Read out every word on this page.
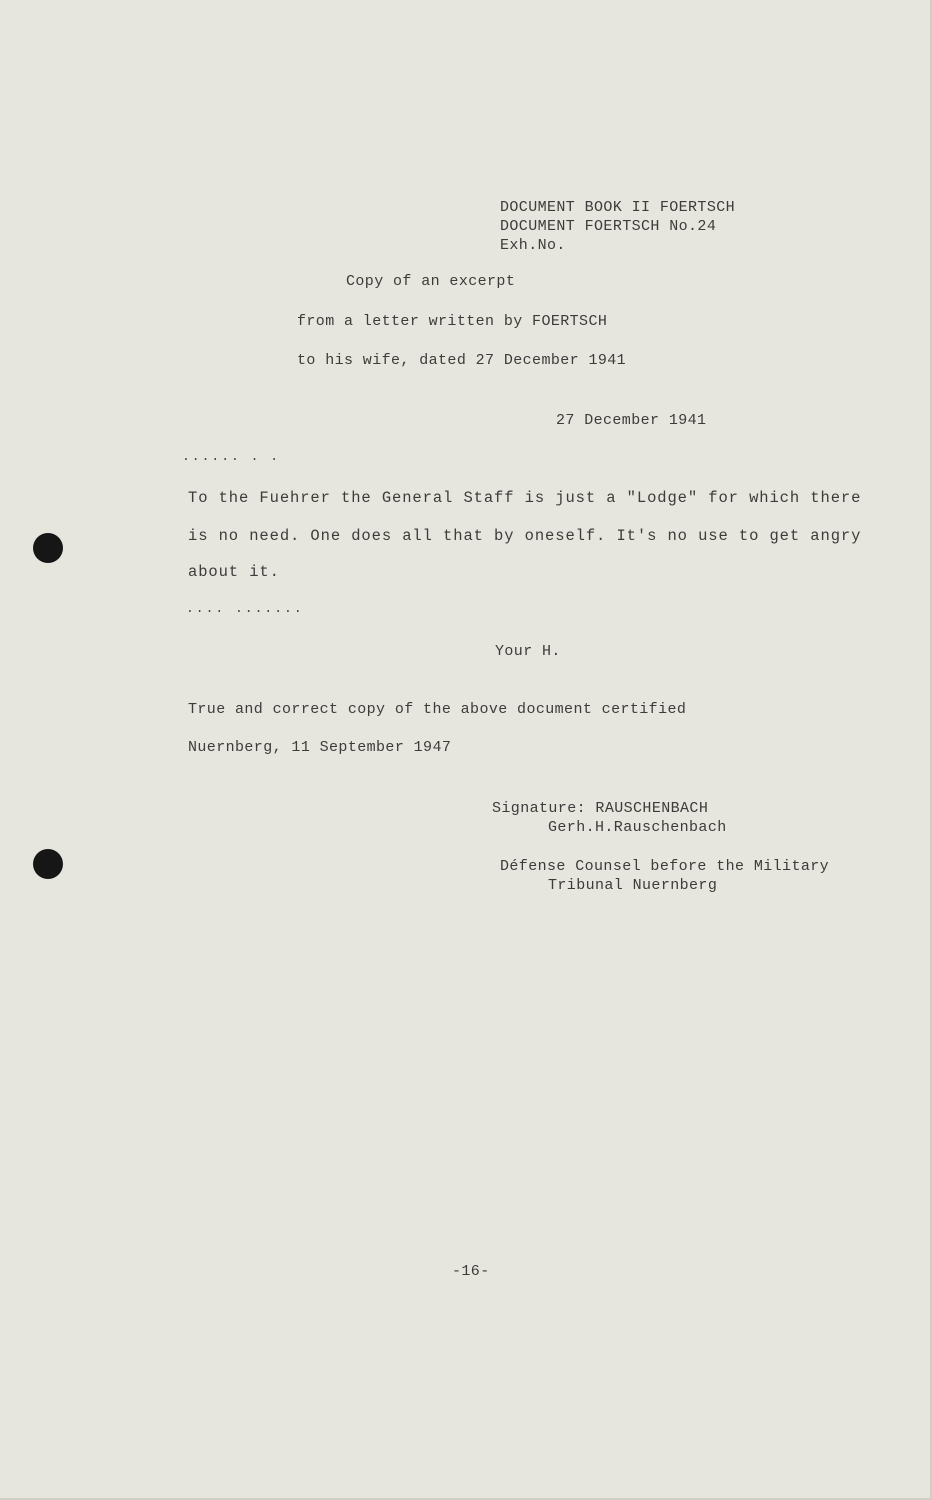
DOCUMENT BOOK II FOERTSCH
DOCUMENT FOERTSCH No.24
Exh.No.
Copy of an excerpt
from a letter written by FOERTSCH
to his wife, dated 27 December 1941
27 December 1941
...... . .
To the Fuehrer the General Staff is just a "Lodge" for which there
is no need. One does all that by oneself. It's no use to get angry
about it.
.... .......
Your H.
True and correct copy of the above document certified
Nuernberg, 11 September 1947
Signature: RAUSCHENBACH
Gerh.H.Rauschenbach
Défense Counsel before the Military
Tribunal Nuernberg
-16-
